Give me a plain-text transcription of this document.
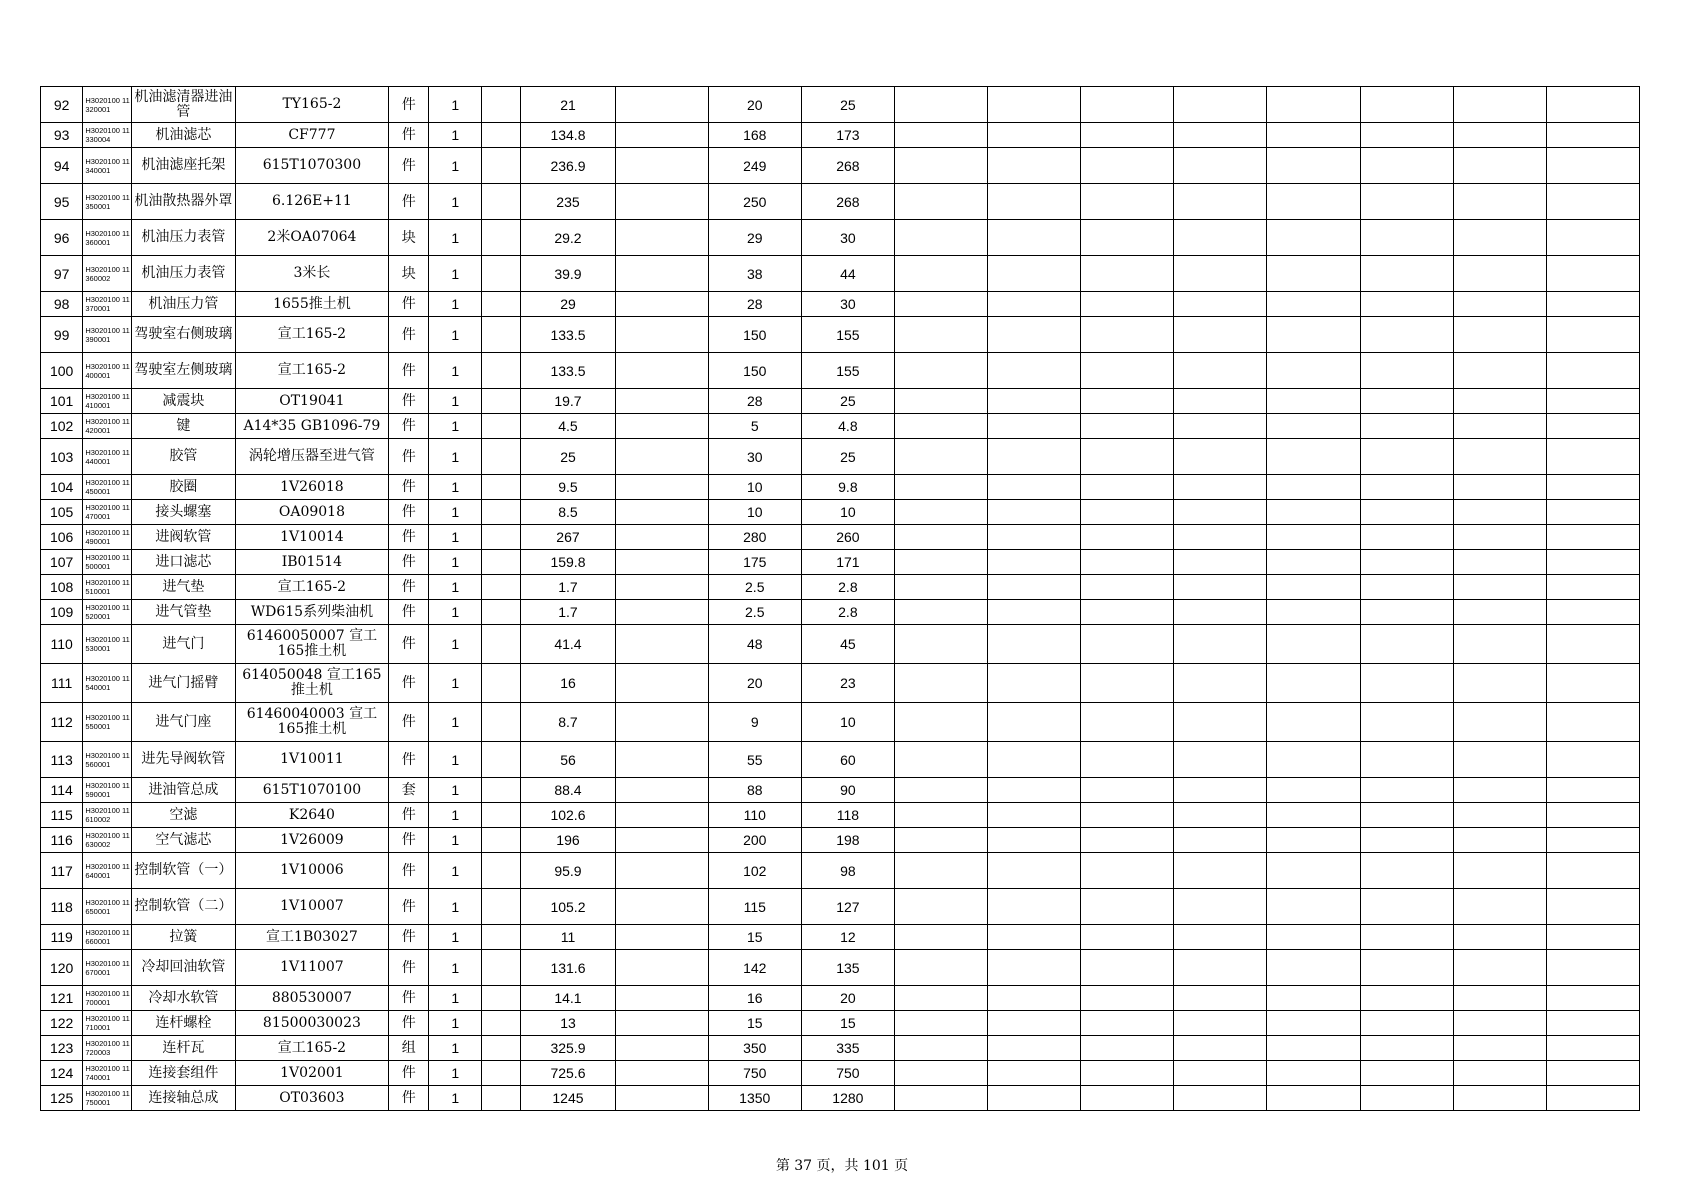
92	H3020100 11320001	机油滤清器进油管	TY165-2	件	1		21		20	25								
93	H3020100 11330004	机油滤芯	CF777	件	1		134.8		168	173								
94	H3020100 11340001	机油滤座托架	615T1070300	件	1		236.9		249	268								
95	H3020100 11350001	机油散热器外罩	6.126E+11	件	1		235		250	268								
96	H3020100 11360001	机油压力表管	2米OA07064	块	1		29.2		29	30								
97	H3020100 11360002	机油压力表管	3米长	块	1		39.9		38	44								
98	H3020100 11370001	机油压力管	1655推土机	件	1		29		28	30								
99	H3020100 11390001	驾驶室右侧玻璃	宣工165-2	件	1		133.5		150	155								
100	H3020100 11400001	驾驶室左侧玻璃	宣工165-2	件	1		133.5		150	155								
101	H3020100 11410001	减震块	OT19041	件	1		19.7		28	25								
102	H3020100 11420001	键	A14*35 GB1096-79	件	1		4.5		5	4.8								
103	H3020100 11440001	胶管	涡轮增压器至进气管	件	1		25		30	25								
104	H3020100 11450001	胶圈	1V26018	件	1		9.5		10	9.8								
105	H3020100 11470001	接头螺塞	OA09018	件	1		8.5		10	10								
106	H3020100 11490001	进阀软管	1V10014	件	1		267		280	260								
107	H3020100 11500001	进口滤芯	IB01514	件	1		159.8		175	171								
108	H3020100 11510001	进气垫	宣工165-2	件	1		1.7		2.5	2.8								
109	H3020100 11520001	进气管垫	WD615系列柴油机	件	1		1.7		2.5	2.8								
110	H3020100 11530001	进气门	61460050007 宣工165推土机	件	1		41.4		48	45								
111	H3020100 11540001	进气门摇臂	614050048 宣工165推土机	件	1		16		20	23								
112	H3020100 11550001	进气门座	61460040003 宣工165推土机	件	1		8.7		9	10								
113	H3020100 11560001	进先导阀软管	1V10011	件	1		56		55	60								
114	H3020100 11590001	进油管总成	615T1070100	套	1		88.4		88	90								
115	H3020100 11610002	空滤	K2640	件	1		102.6		110	118								
116	H3020100 11630002	空气滤芯	1V26009	件	1		196		200	198								
117	H3020100 11640001	控制软管（一）	1V10006	件	1		95.9		102	98								
118	H3020100 11650001	控制软管（二）	1V10007	件	1		105.2		115	127								
119	H3020100 11660001	拉簧	宣工1B03027	件	1		11		15	12								
120	H3020100 11670001	冷却回油软管	1V11007	件	1		131.6		142	135								
121	H3020100 11700001	冷却水软管	880530007	件	1		14.1		16	20								
122	H3020100 11710001	连杆螺栓	81500030023	件	1		13		15	15								
123	H3020100 11720003	连杆瓦	宣工165-2	组	1		325.9		350	335								
124	H3020100 11740001	连接套组件	1V02001	件	1		725.6		750	750								
125	H3020100 11750001	连接轴总成	OT03603	件	1		1245		1350	1280								
第 37 页，共 101 页
